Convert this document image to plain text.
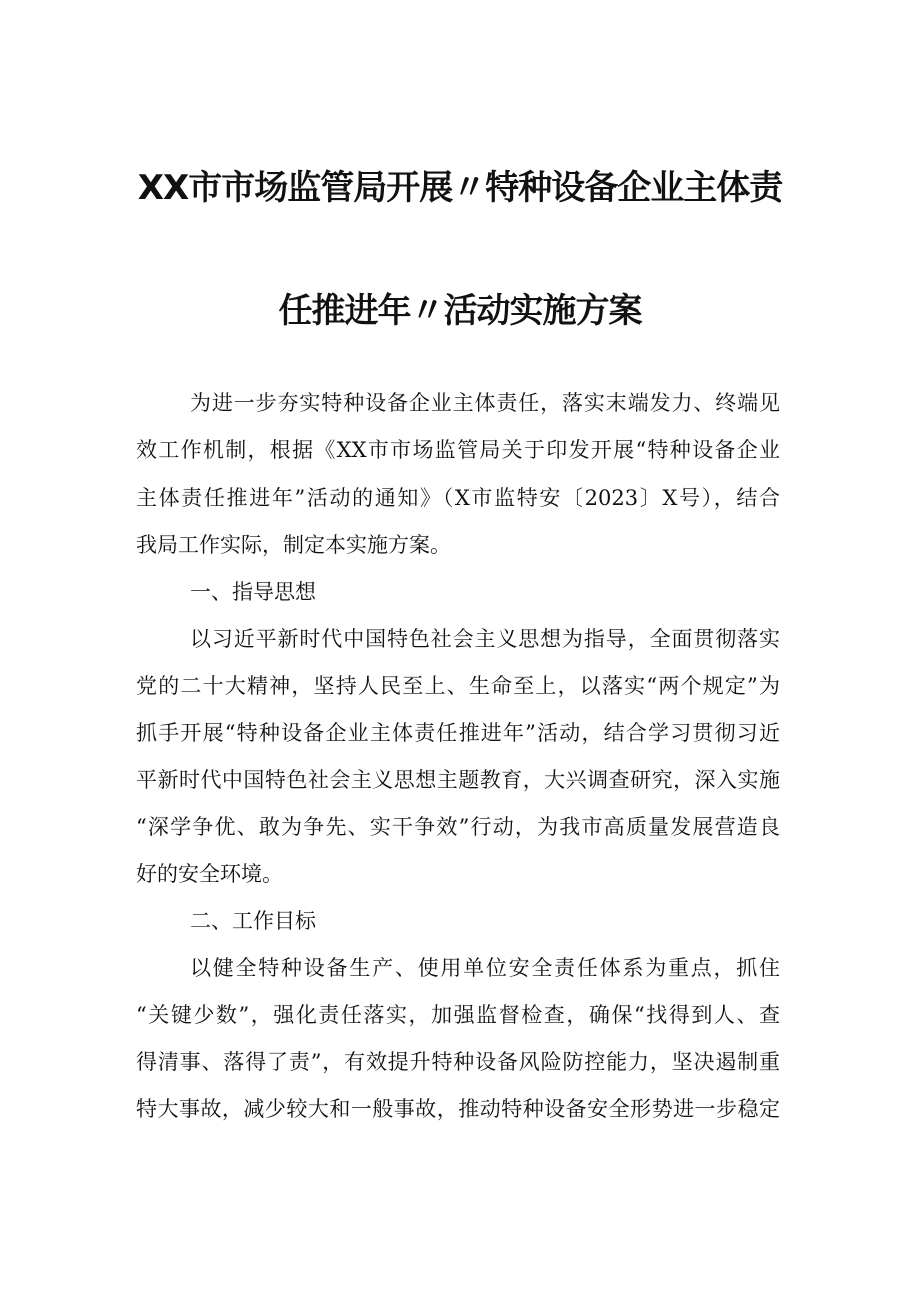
XX市市场监管局开展〃特种设备企业主体责
任推进年〃活动实施方案
为进一步夯实特种设备企业主体责任，落实末端发力、终端见
效工作机制，根据《XX市市场监管局关于印发开展“特种设备企业
主体责任推进年”活动的通知》（X市监特安〔2023〕X号），结合
我局工作实际，制定本实施方案。
一、指导思想
以习近平新时代中国特色社会主义思想为指导，全面贯彻落实
党的二十大精神，坚持人民至上、生命至上，以落实“两个规定”为
抓手开展“特种设备企业主体责任推进年”活动，结合学习贯彻习近
平新时代中国特色社会主义思想主题教育，大兴调查研究，深入实施
“深学争优、敢为争先、实干争效”行动，为我市高质量发展营造良
好的安全环境。
二、工作目标
以健全特种设备生产、使用单位安全责任体系为重点，抓住
“关键少数”，强化责任落实，加强监督检查，确保“找得到人、查
得清事、落得了责”，有效提升特种设备风险防控能力，坚决遏制重
特大事故，减少较大和一般事故，推动特种设备安全形势进一步稳定
